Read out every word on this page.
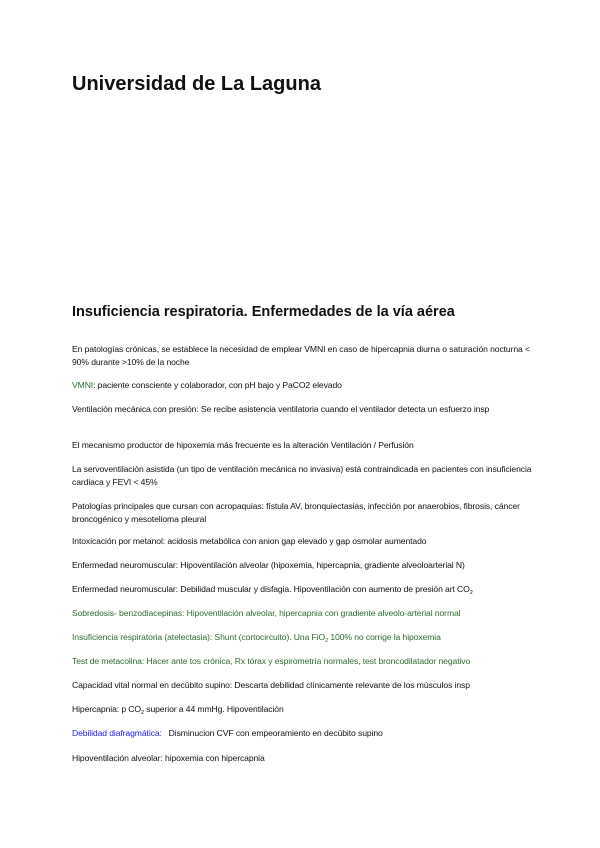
Universidad de La Laguna
Insuficiencia respiratoria. Enfermedades de la vía aérea

En patologías crónicas, se establece la necesidad de emplear VMNI en caso de hipercapnia diurna o saturación nocturna < 90% durante >10% de la noche

VMNI: paciente consciente y colaborador, con pH bajo y PaCO2 elevado

Ventilación mecánica con presión: Se recibe asistencia ventilatoria cuando el ventilador detecta un esfuerzo insp

El mecanismo productor de hipoxemia más frecuente es la alteración Ventilación / Perfusión

La servoventilación asistida (un tipo de ventilación mecánica no invasiva) está contraindicada en pacientes con insuficiencia cardiaca y FEVI < 45%

Patologías principales que cursan con acropaquias: fístula AV, bronquiectasias, infección por anaerobios, fibrosis, cáncer broncogénico y mesotelioma pleural

Intoxicación por metanol: acidosis metabólica con anion gap elevado y gap osmolar aumentado

Enfermedad neuromuscular: Hipoventilación alveolar (hipoxemia, hipercapnia, gradiente alveoloarterial N)

Enfermedad neuromuscular: Debilidad muscular y disfagia. Hipoventilación con aumento de presión art $CO_2$

Sobredosis- benzodiacepinas: Hipoventilación alveolar, hipercapnia con gradiente alveolo-arterial normal

Insuficiencia respiratoria (atelectasia): Shunt (cortocircuito). Una FiO$_2$ 100% no corrige la hipoxemia

Test de metacolina: Hacer ante tos crónica, Rx tórax y espirometría normales, test broncodilatador negativo

Capacidad vital normal en decúbito supino: Descarta debilidad clínicamente relevante de los músculos insp

Hipercapnia: p $CO_2$ superior a 44 mmHg. Hipoventilación

Debilidad diafragmática:   Disminucion CVF con empeoramiento en decúbito supino

Hipoventilación alveolar: hipoxemia con hipercapnia
